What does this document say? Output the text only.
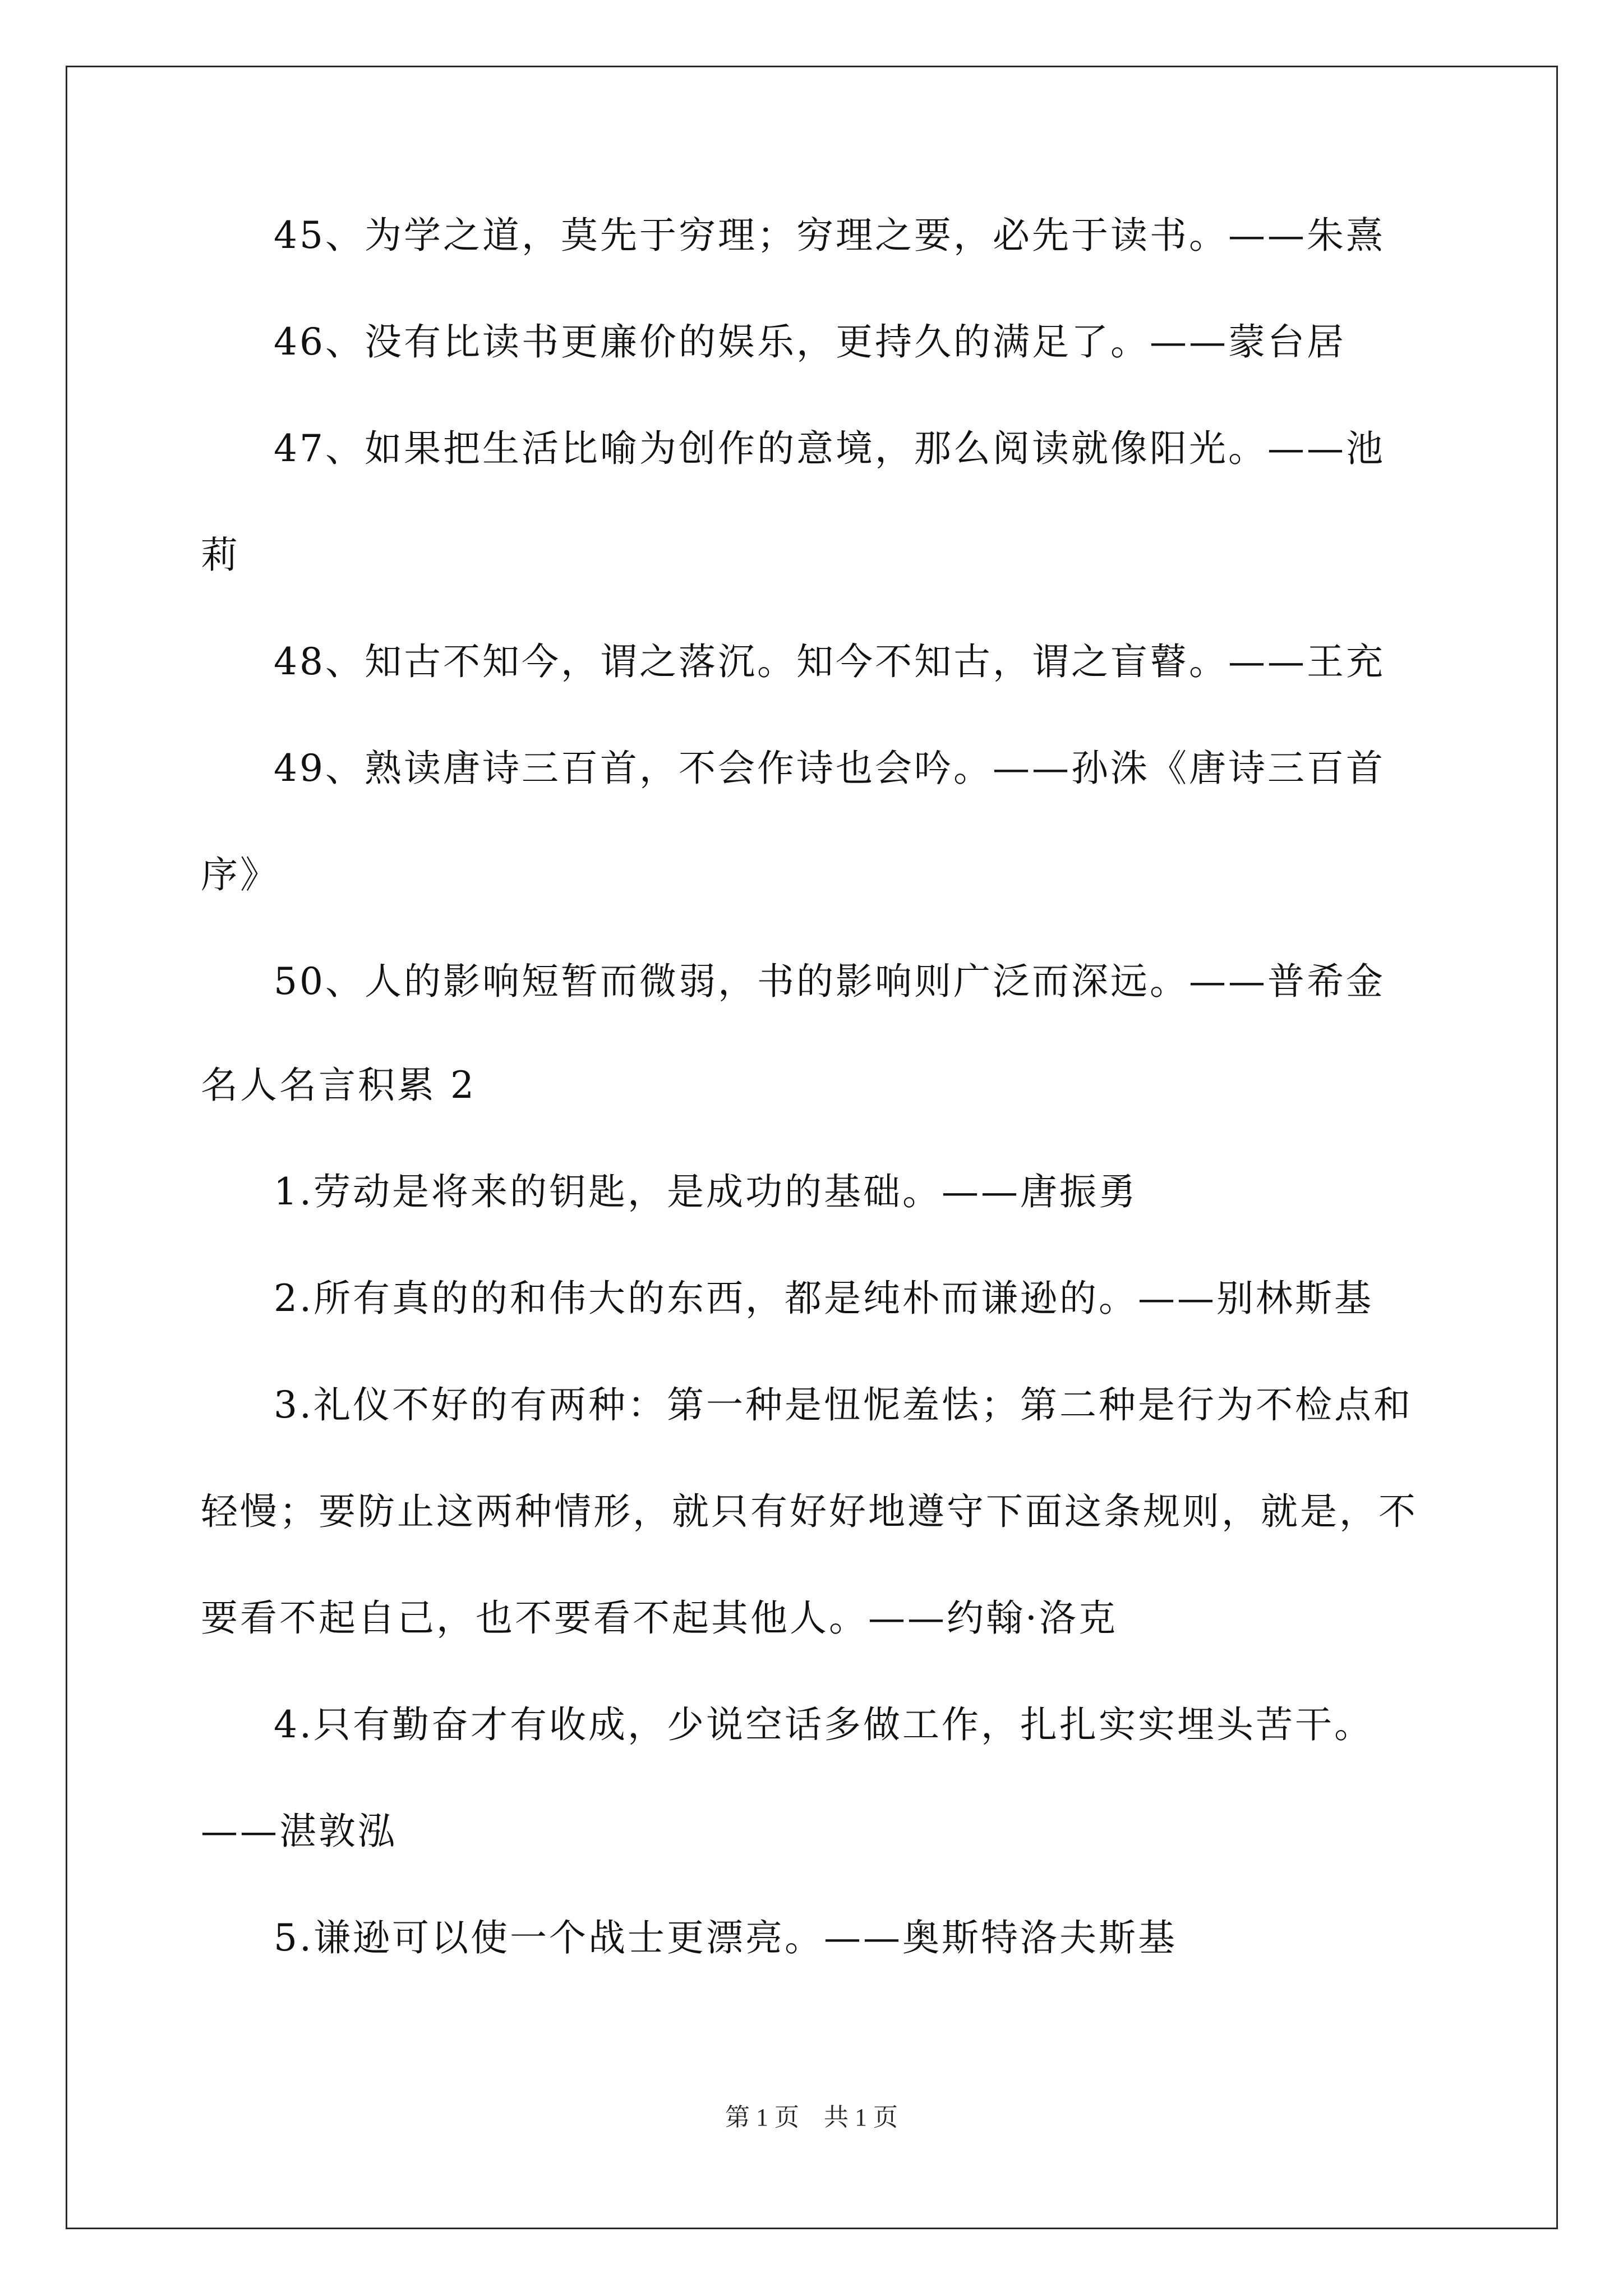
45、为学之道，莫先于穷理；穷理之要，必先于读书。——朱熹
46、没有比读书更廉价的娱乐，更持久的满足了。——蒙台居
47、如果把生活比喻为创作的意境，那么阅读就像阳光。——池
莉
48、知古不知今，谓之落沉。知今不知古，谓之盲瞽。——王充
49、熟读唐诗三百首，不会作诗也会吟。——孙洙《唐诗三百首
序》
50、人的影响短暂而微弱，书的影响则广泛而深远。——普希金
名人名言积累 2
1.劳动是将来的钥匙，是成功的基础。——唐振勇
2.所有真的的和伟大的东西，都是纯朴而谦逊的。——别林斯基
3.礼仪不好的有两种：第一种是忸怩羞怯；第二种是行为不检点和
轻慢；要防止这两种情形，就只有好好地遵守下面这条规则，就是，不
要看不起自己，也不要看不起其他人。——约翰·洛克
4.只有勤奋才有收成，少说空话多做工作，扎扎实实埋头苦干。
——湛敦泓
5.谦逊可以使一个战士更漂亮。——奥斯特洛夫斯基
第 1 页　共 1 页
